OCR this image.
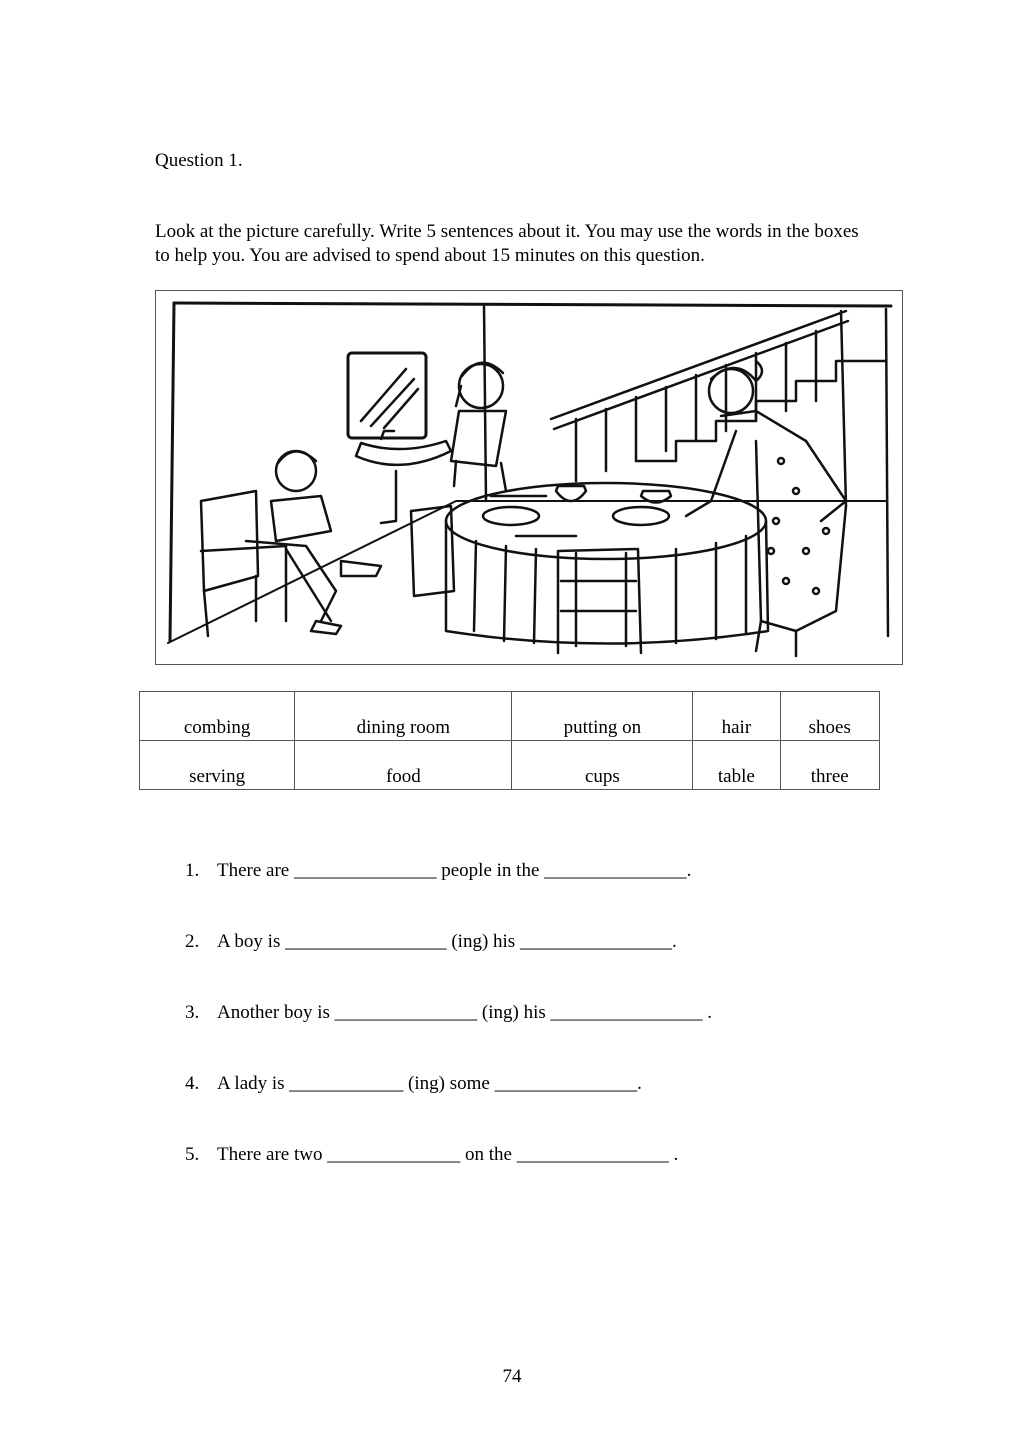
Question 1.
Look at the picture carefully. Write 5 sentences about it. You may use the words in the boxes to help you. You are advised to spend about 15 minutes on this question.
combing	dining room	putting on	hair	shoes
serving	food	cups	table	three
1. There are _______________ people in the _______________.
2. A boy is _________________ (ing) his ________________.
3. Another boy is _______________ (ing) his ________________ .
4. A lady is ____________ (ing) some _______________.
5. There are two ______________ on the ________________ .
74
